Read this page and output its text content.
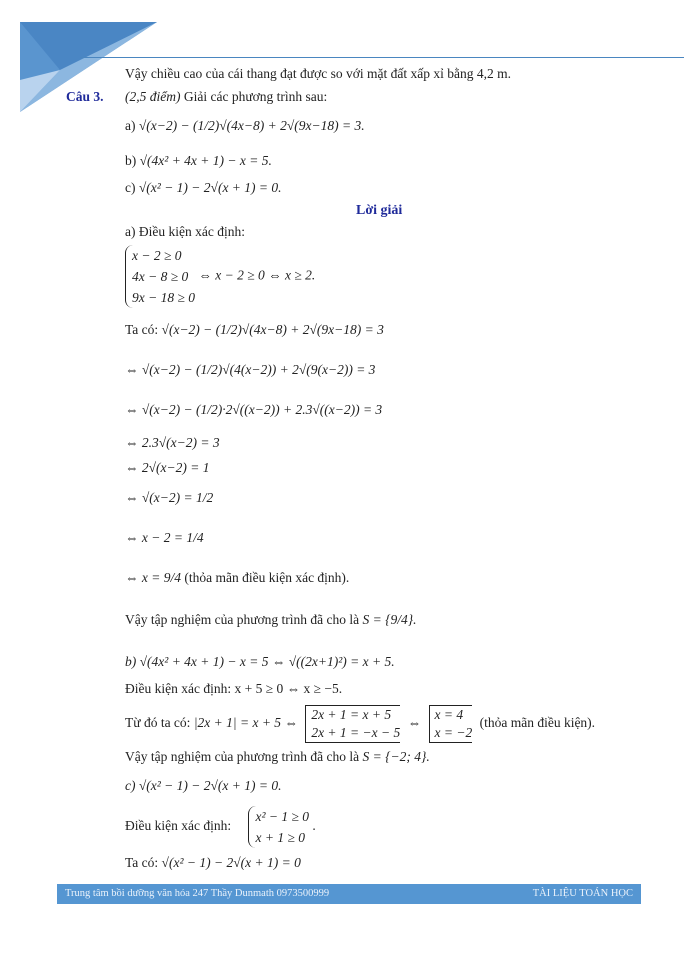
Vậy chiều cao của cái thang đạt được so với mặt đất xấp xỉ bằng 4,2 m.
Câu 3. (2,5 điểm) Giải các phương trình sau:
a) √(x−2) − (1/2)√(4x−8) + 2√(9x−18) = 3.
b) √(4x² + 4x + 1) − x = 5.
c) √(x² − 1) − 2√(x + 1) = 0.
Lời giải
a) Điều kiện xác định:
x − 2 ≥ 0
4x − 8 ≥ 0
9x − 18 ≥ 0
⇔ x − 2 ≥ 0 ⇔ x ≥ 2.
Ta có: √(x−2) − (1/2)√(4x−8) + 2√(9x−18) = 3
⇔ √(x−2) − (1/2)√(4(x−2)) + 2√(9(x−2)) = 3
⇔ √(x−2) − (1/2)·2√((x−2)) + 2.3√((x−2)) = 3
⇔ 2.3√(x−2) = 3
⇔ 2√(x−2) = 1
⇔ √(x−2) = 1/2
⇔ x − 2 = 1/4
⇔ x = 9/4 (thỏa mãn điều kiện xác định).
Vậy tập nghiệm của phương trình đã cho là S = {9/4}.
b) √(4x² + 4x + 1) − x = 5 ⇔ √((2x+1)²) = x + 5.
Điều kiện xác định: x + 5 ≥ 0 ⇔ x ≥ −5.
Từ đó ta có: |2x + 1| = x + 5 ⇔
2x + 1 = x + 5
2x + 1 = −x − 5
⇔
x = 4
x = −2
(thỏa mãn điều kiện).
Vậy tập nghiệm của phương trình đã cho là S = {−2; 4}.
c) √(x² − 1) − 2√(x + 1) = 0.
Điều kiện xác định:
x² − 1 ≥ 0
x + 1 ≥ 0
.
Ta có: √(x² − 1) − 2√(x + 1) = 0
Trung tâm bồi dưỡng văn hóa 247 Thầy Dunmath 0973500999	TÀI LIỆU TOÁN HỌC
